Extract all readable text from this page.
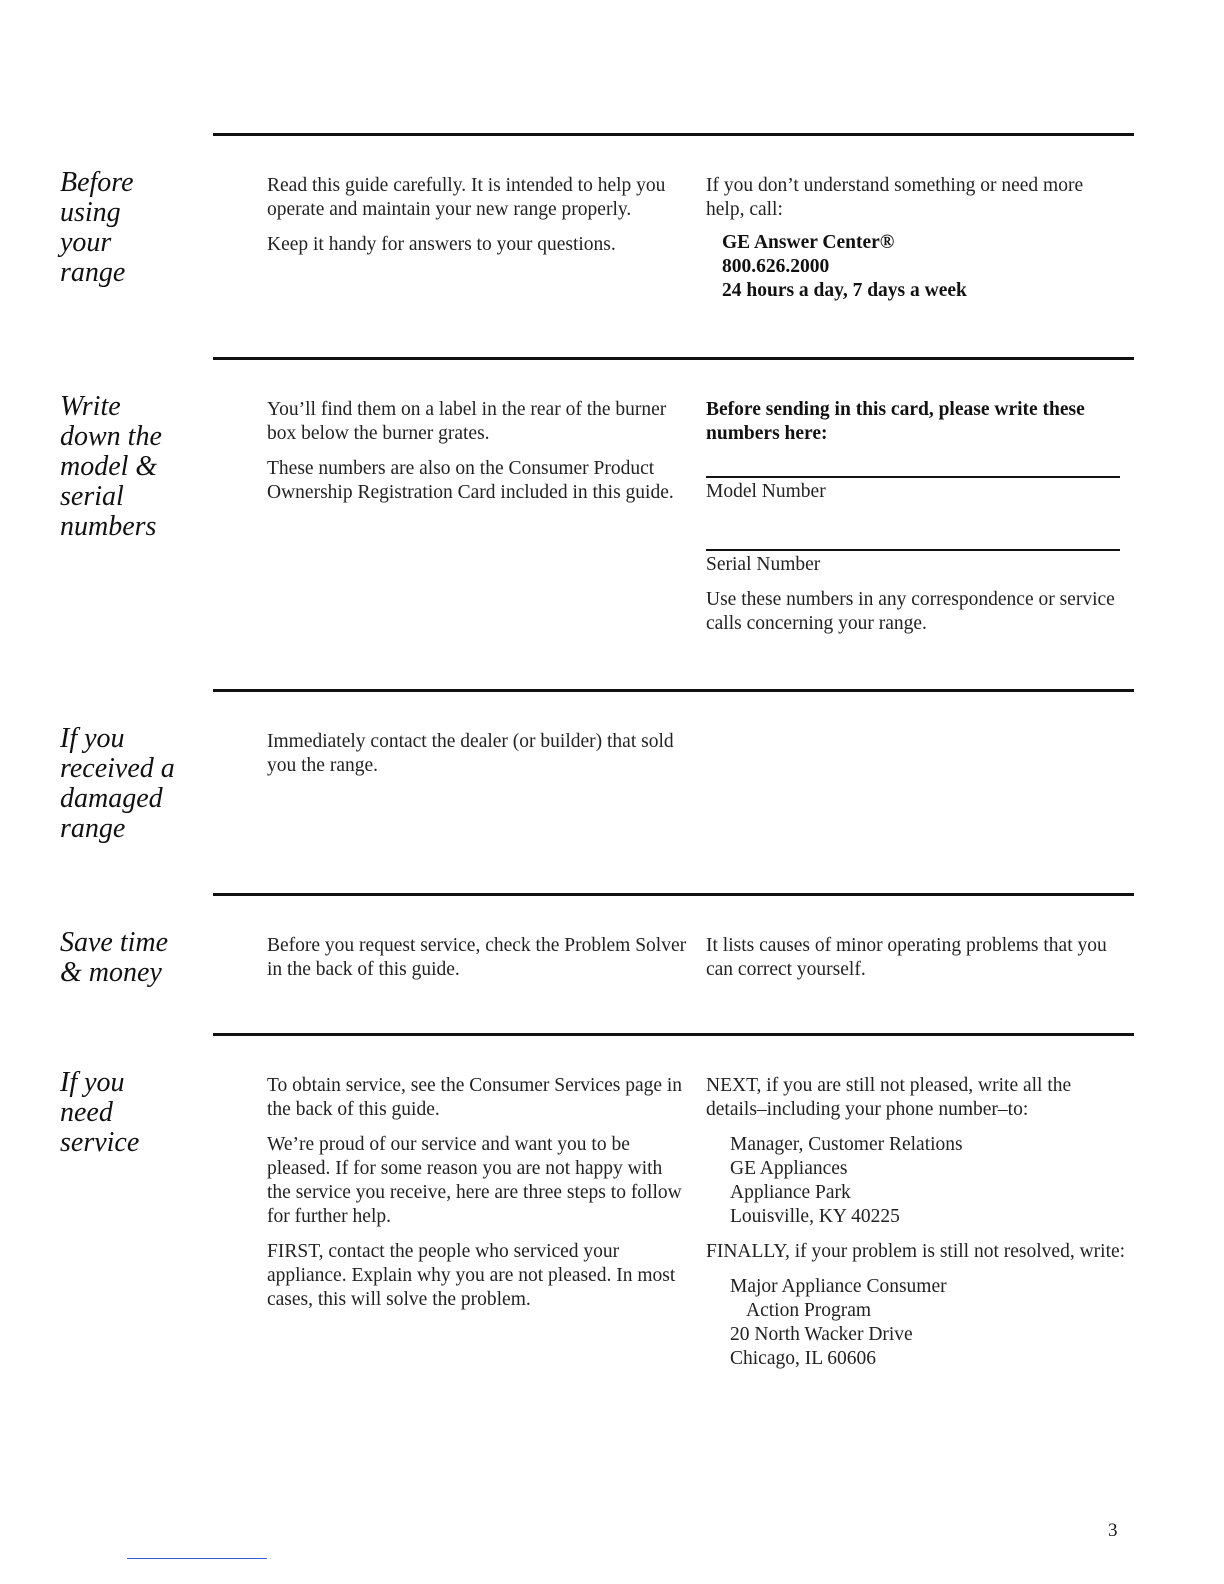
Before
using
your
range

Read this guide carefully. It is intended to help you operate and maintain your new range properly.

Keep it handy for answers to your questions.

If you don’t understand something or need more help, call:

GE Answer Center®
800.626.2000
24 hours a day, 7 days a week
Write
down the
model &
serial
numbers

You’ll find them on a label in the rear of the burner box below the burner grates.

These numbers are also on the Consumer Product Ownership Registration Card included in this guide.

Before sending in this card, please write these numbers here:

Model Number

Serial Number

Use these numbers in any correspondence or service calls concerning your range.

If you
received a
damaged
range

Immediately contact the dealer (or builder) that sold you the range.

Save time
& money

Before you request service, check the Problem Solver in the back of this guide.

It lists causes of minor operating problems that you can correct yourself.

If you
need
service

To obtain service, see the Consumer Services page in the back of this guide.

We’re proud of our service and want you to be pleased. If for some reason you are not happy with the service you receive, here are three steps to follow for further help.

FIRST, contact the people who serviced your appliance. Explain why you are not pleased. In most cases, this will solve the problem.

NEXT, if you are still not pleased, write all the details–including your phone number–to:

Manager, Customer Relations
GE Appliances
Appliance Park
Louisville, KY 40225

FINALLY, if your problem is still not resolved, write:

Major Appliance Consumer
Action Program
20 North Wacker Drive
Chicago, IL 60606
3
